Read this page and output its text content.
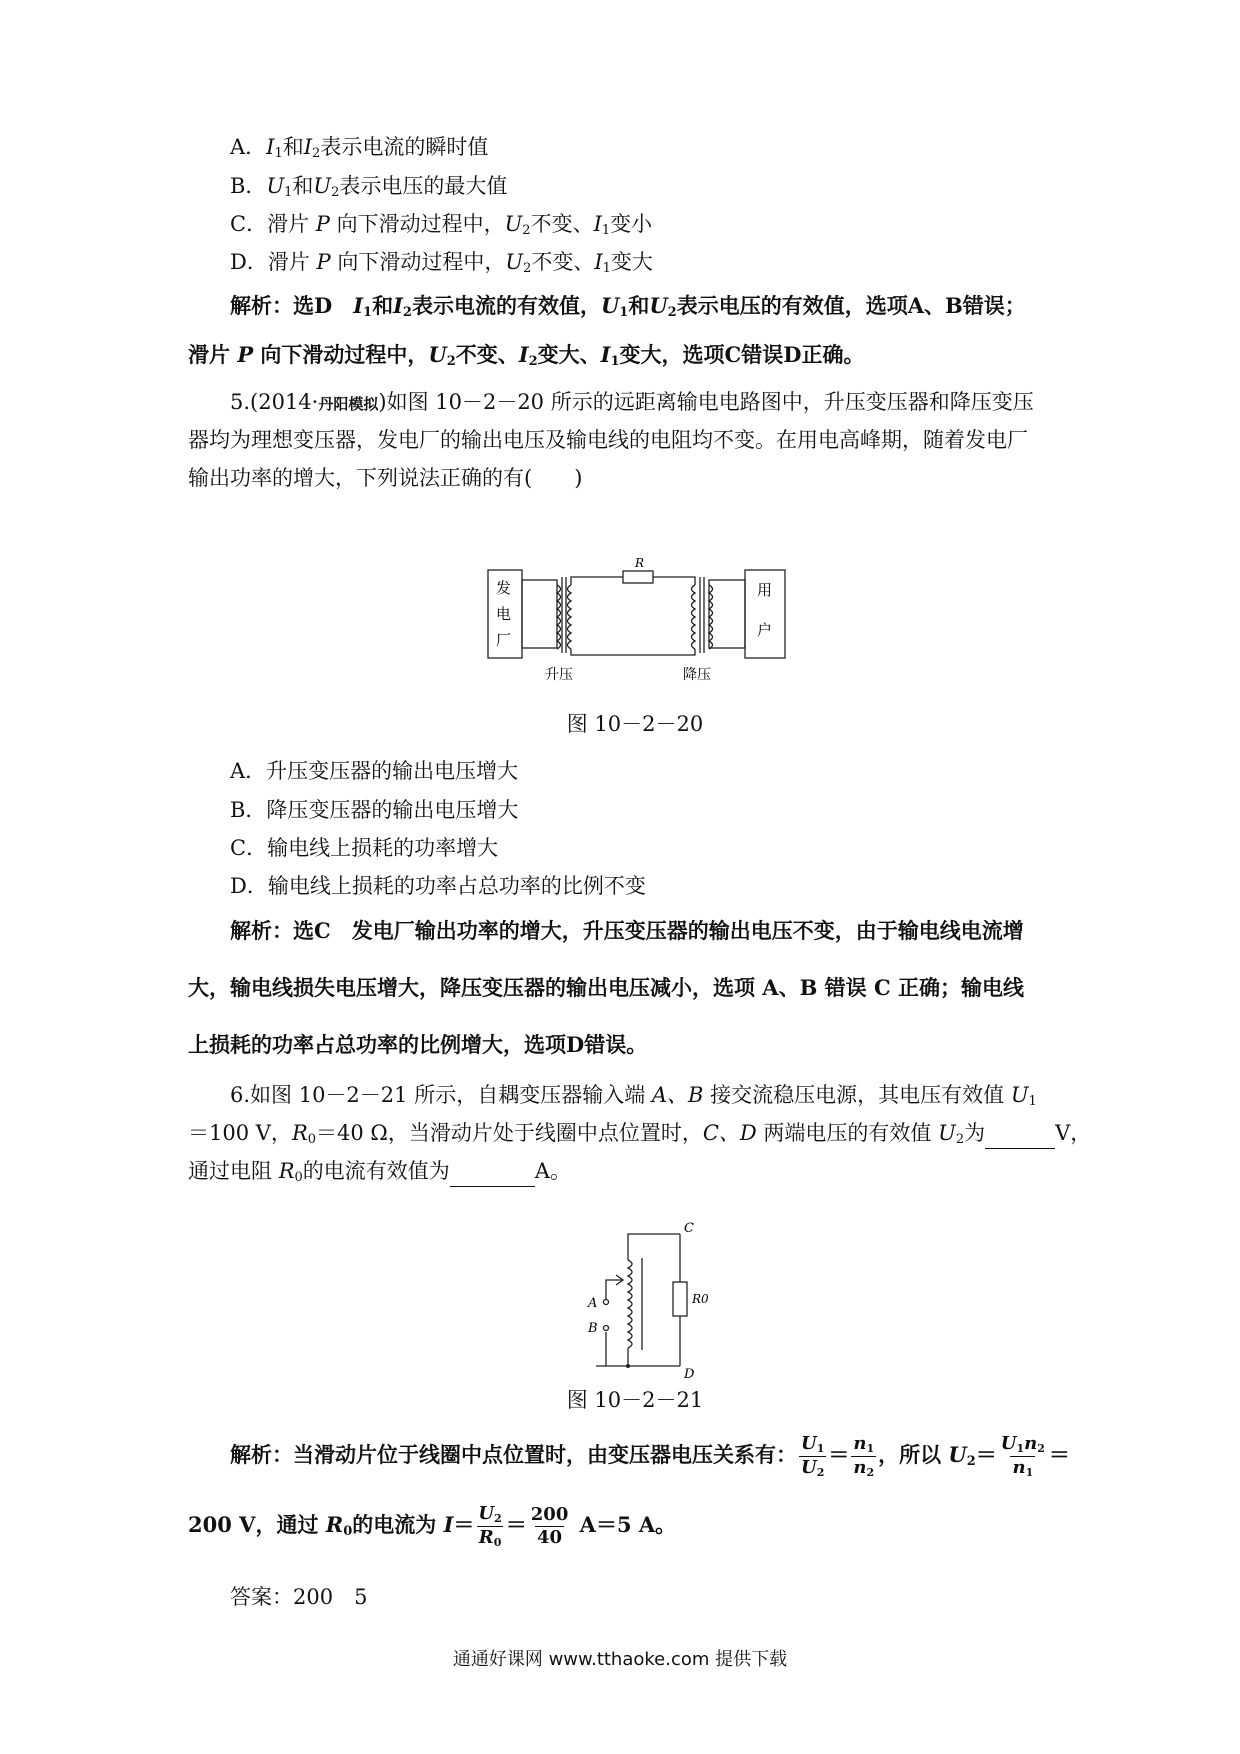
A．$I_1$和$I_2$表示电流的瞬时值
B．$U_1$和$U_2$表示电压的最大值
C．滑片 P 向下滑动过程中，$U_2$不变、$I_1$变小
D．滑片 P 向下滑动过程中，$U_2$不变、$I_1$变大
解析：选D　$I_1$和$I_2$表示电流的有效值，$U_1$和$U_2$表示电压的有效值，选项A、B错误；
滑片 P 向下滑动过程中，$U_2$不变、$I_2$变大、$I_1$变大，选项C错误D正确。
5.(2014·丹阳模拟)如图 10－2－20 所示的远距离输电电路图中，升压变压器和降压变压
器均为理想变压器，发电厂的输出电压及输电线的电阻均不变。在用电高峰期，随着发电厂
输出功率的增大，下列说法正确的有(　　)
发
电
厂
用
户
R
升压	降压
图 10－2－20
A．升压变压器的输出电压增大
B．降压变压器的输出电压增大
C．输电线上损耗的功率增大
D．输电线上损耗的功率占总功率的比例不变
解析：选C　发电厂输出功率的增大，升压变压器的输出电压不变，由于输电线电流增
大，输电线损失电压增大，降压变压器的输出电压减小，选项 A、B 错误 C 正确；输电线
上损耗的功率占总功率的比例增大，选项D错误。
6.如图 10－2－21 所示，自耦变压器输入端 A、B 接交流稳压电源，其电压有效值 $U_1$
＝100 V，$R_0=40$ Ω，当滑动片处于线圈中点位置时，C、D 两端电压的有效值 $U_2$为	V，
通过电阻 $R_0$的电流有效值为	A。
C
D
A
B
R0
图 10－2－21
解析：当滑动片位于线圈中点位置时，由变压器电压关系有： $\frac{U_1}{U_2} = \frac{n_1}{n_2}$ ，所以 $U_2= \frac{U_1n_2}{n_1}$ ＝
200 V，通过 $R_0$的电流为 $I= \frac{U_2}{R_0} = \frac{200}{40} A=5$ A。
答案：200　5
通通好课网 www.tthaoke.com 提供下载
